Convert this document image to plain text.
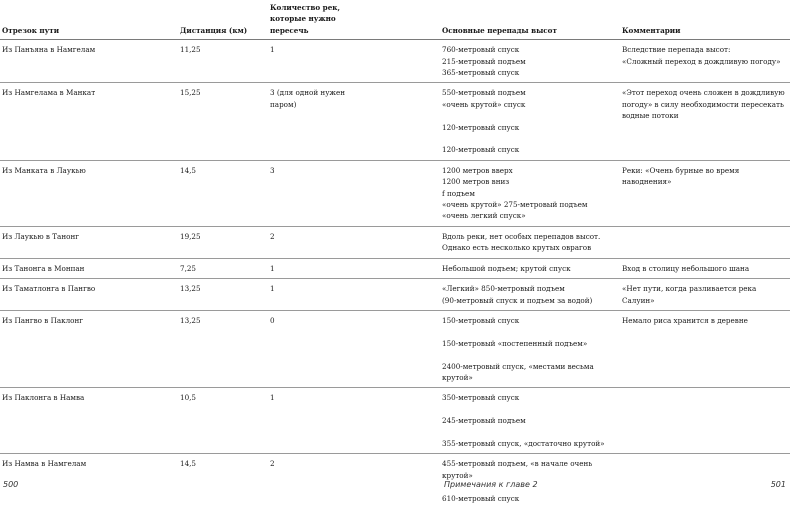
Отрезок пути	Дистанция (км)	Количество рек,
которые нужно
пересечь	Основные перепады высот	Комментарии

Из Панъяна в Намгелам	11,25	1	760-метровый спуск
215-метровый подъем
365-метровый спуск	Вследствие перепада высот:
«Сложный переход в дождливую погоду»

Из Намгелама в Манкат	15,25	3 (для одной нужен
паром)	550-метровый подъем
«очень крутой» спуск
120-метровый спуск
120-метровый спуск	«Этот переход очень сложен в дождливую
погоду» в силу необходимости пересекать
водные потоки

Из Манката в Лаукью	14,5	3	1200 метров вверх
1200 метров вниз
f подъем
«очень крутой» 275-метровый подъем
«очень легкий спуск»	Реки: «Очень бурные во время наводнения»

Из Лаукью в Танонг	19,25	2	Вдоль реки, нет особых перепадов высот.
Однако есть несколько крутых оврагов	

Из Танонга в Монпан	7,25	1	Небольшой подъем; крутой спуск	Вход в столицу небольшого шана

Из Таматлонга в Пангво	13,25	1	«Легкий» 850-метровый подъем
(90-метровый спуск и подъем за водой)	«Нет пути, когда разливается река Салуин»

Из Пангво в Паклонг	13,25	0	150-метровый спуск
150-метровый «постепенный подъем»
2400-метровый спуск, «местами весьма крутой»	Немало риса хранится в деревне

Из Паклонга в Намва	10,5	1	350-метровый спуск
245-метровый подъем
355-метровый спуск, «достаточно крутой»	

Из Намва в Намгелам	14,5	2	455-метровый подъем, «в начале очень крутой»
610-метровый спуск	

500	Примечания к главе 2	501
